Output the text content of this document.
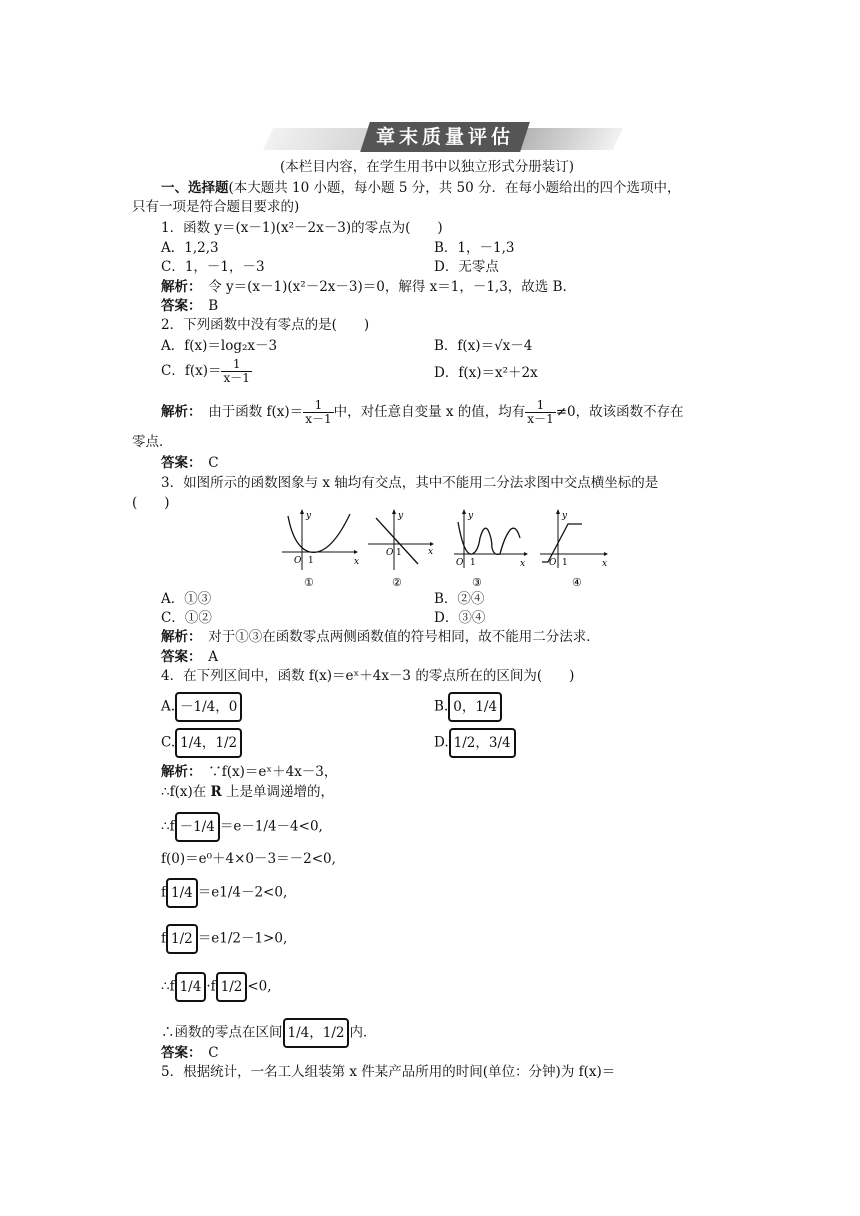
章末质量评估
(本栏目内容，在学生用书中以独立形式分册装订)
一、选择题(本大题共 10 小题，每小题 5 分，共 50 分．在每小题给出的四个选项中，
只有一项是符合题目要求的)
1．函数 y＝(x－1)(x²－2x－3)的零点为(　　)
A．1,2,3	B．1，－1,3
C．1，－1，－3	D．无零点
解析：　 令 y＝(x－1)(x²－2x－3)＝0，解得 x＝1，－1,3，故选 B.
答案：　 B
2．下列函数中没有零点的是(　　)
A．f(x)＝log₂x－3	B．f(x)＝√x－4
C．$f(x)= \frac{1}{x-1}$	D．f(x)＝x²＋2x
解析：　 由于函数 $f(x)= \frac{1}{x-1}$ 中，对任意自变量 x 的值，均有 $\frac{1}{x-1} \ne 0$，故该函数不存在
零点．
答案：　 C
3．如图所示的函数图象与 x 轴均有交点，其中不能用二分法求图中交点横坐标的是
(　　)
y
x
O 1
①
y
x
O 1
②
y
x
O 1
③
y
x
O 1
④
A．①③	B．②④
C．①②	D．③④
解析：　 对于①③在函数零点两侧函数值的符号相同，故不能用二分法求．
答案：　 A
4．在下列区间中，函数 f(x)＝eˣ＋4x－3 的零点所在的区间为(　　)
A. －1/4，0	B. 0，1/4
C. 1/4，1/2	D. 1/2，3/4
解析：　 ∵f(x)＝eˣ＋4x－3，
∴f(x)在 R 上是单调递增的，
∴f －1/4 ＝e－1/4－4<0,
f(0)＝e⁰＋4×0－3＝－2<0,
f 1/4 ＝e1/4－2<0,
f 1/2 ＝e1/2－1>0,
∴f 1/4 ·f 1/2 <0,
∴函数的零点在区间 1/4，1/2 内．
答案：　 C
5．根据统计，一名工人组装第 x 件某产品所用的时间(单位：分钟)为 f(x)＝
